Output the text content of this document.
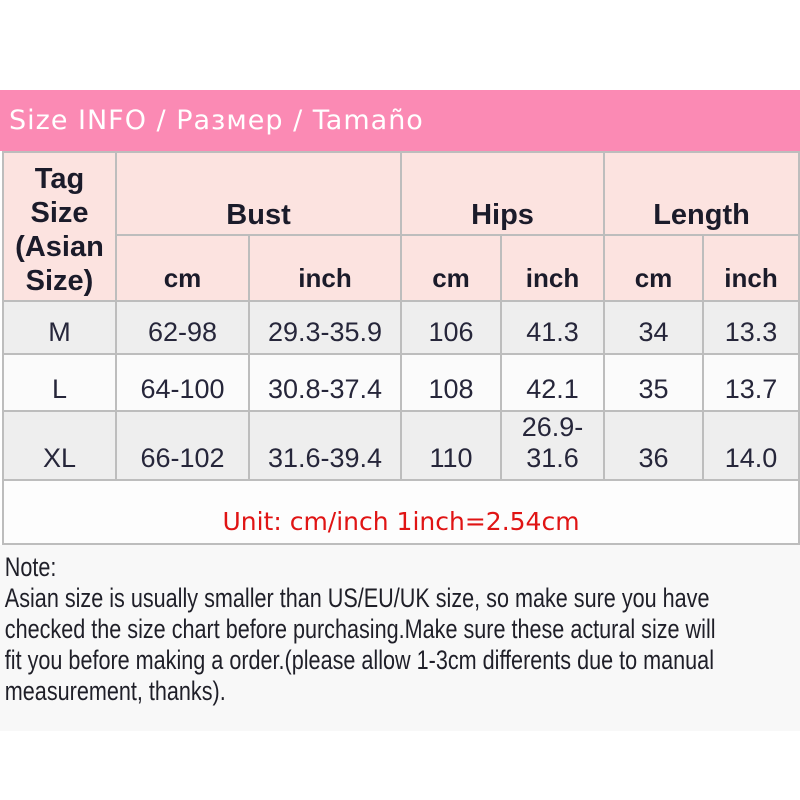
Size INFO / Размер / Tamaño
Tag Size (Asian Size)	Bust		Hips		Length	
	cm	inch	cm	inch	cm	inch
M	62-98	29.3-35.9	106	41.3	34	13.3
L	64-100	30.8-37.4	108	42.1	35	13.7
XL	66-102	31.6-39.4	110	26.9-31.6	36	14.0
Unit: cm/inch 1inch=2.54cm						
Note:
Asian size is usually smaller than US/EU/UK size, so make sure you have
checked the size chart before purchasing.Make sure these actural size will
fit you before making a order.(please allow 1-3cm differents due to manual
measurement, thanks).
